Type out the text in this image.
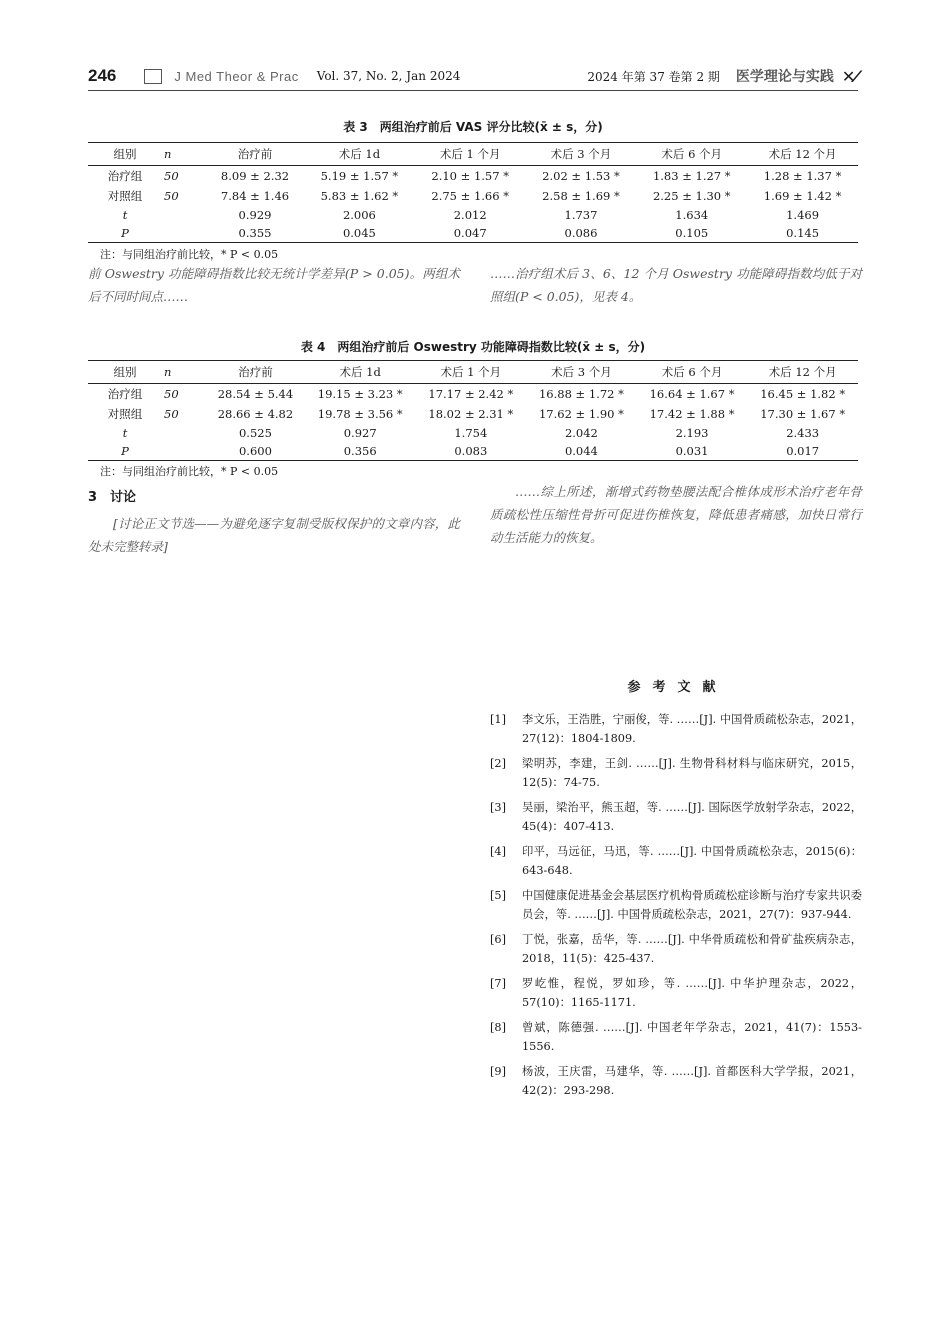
246	J Med Theor & Prac Vol. 37, No. 2, Jan 2024	2024 年第 37 卷第 2 期 医学理论与实践 ✕⁄
表 3　两组治疗前后 VAS 评分比较(x̄ ± s，分)
组别	n	治疗前	术后 1d	术后 1 个月	术后 3 个月	术后 6 个月	术后 12 个月
治疗组	50	8.09 ± 2.32	5.19 ± 1.57 *	2.10 ± 1.57 *	2.02 ± 1.53 *	1.83 ± 1.27 *	1.28 ± 1.37 *
对照组	50	7.84 ± 1.46	5.83 ± 1.62 *	2.75 ± 1.66 *	2.58 ± 1.69 *	2.25 ± 1.30 *	1.69 ± 1.42 *
t		0.929	2.006	2.012	1.737	1.634	1.469
P		0.355	0.045	0.047	0.086	0.105	0.145
注：与同组治疗前比较，* P < 0.05
前 Oswestry 功能障碍指数比较无统计学差异(P > 0.05)。两组术后不同时间点……
……治疗组术后 3、6、12 个月 Oswestry 功能障碍指数均低于对照组(P < 0.05)，见表 4。
表 4　两组治疗前后 Oswestry 功能障碍指数比较(x̄ ± s，分)
组别	n	治疗前	术后 1d	术后 1 个月	术后 3 个月	术后 6 个月	术后 12 个月
治疗组	50	28.54 ± 5.44	19.15 ± 3.23 *	17.17 ± 2.42 *	16.88 ± 1.72 *	16.64 ± 1.67 *	16.45 ± 1.82 *
对照组	50	28.66 ± 4.82	19.78 ± 3.56 *	18.02 ± 2.31 *	17.62 ± 1.90 *	17.42 ± 1.88 *	17.30 ± 1.67 *
t		0.525	0.927	1.754	2.042	2.193	2.433
P		0.600	0.356	0.083	0.044	0.031	0.017
注：与同组治疗前比较，* P < 0.05
3　讨论
[讨论正文节选——为避免逐字复制受版权保护的文章内容，此处未完整转录]
……综上所述，渐增式药物垫腰法配合椎体成形术治疗老年骨质疏松性压缩性骨折可促进伤椎恢复，降低患者痛感，加快日常行动生活能力的恢复。
参考文献
[1]	李文乐，王浩胜，宁丽俊，等. ……[J]. 中国骨质疏松杂志，2021，27(12)：1804-1809.
[2]	梁明苏，李建，王剑. ……[J]. 生物骨科材料与临床研究，2015，12(5)：74-75.
[3]	吴丽，梁治平，熊玉超，等. ……[J]. 国际医学放射学杂志，2022，45(4)：407-413.
[4]	印平，马远征，马迅，等. ……[J]. 中国骨质疏松杂志，2015(6)：643-648.
[5]	中国健康促进基金会基层医疗机构骨质疏松症诊断与治疗专家共识委员会，等. ……[J]. 中国骨质疏松杂志，2021，27(7)：937-944.
[6]	丁悦，张嘉，岳华，等. ……[J]. 中华骨质疏松和骨矿盐疾病杂志，2018，11(5)：425-437.
[7]	罗屹惟，程悦，罗如珍，等. ……[J]. 中华护理杂志，2022，57(10)：1165-1171.
[8]	曾斌，陈德强. ……[J]. 中国老年学杂志，2021，41(7)：1553-1556.
[9]	杨波，王庆雷，马建华，等. ……[J]. 首都医科大学学报，2021，42(2)：293-298.
